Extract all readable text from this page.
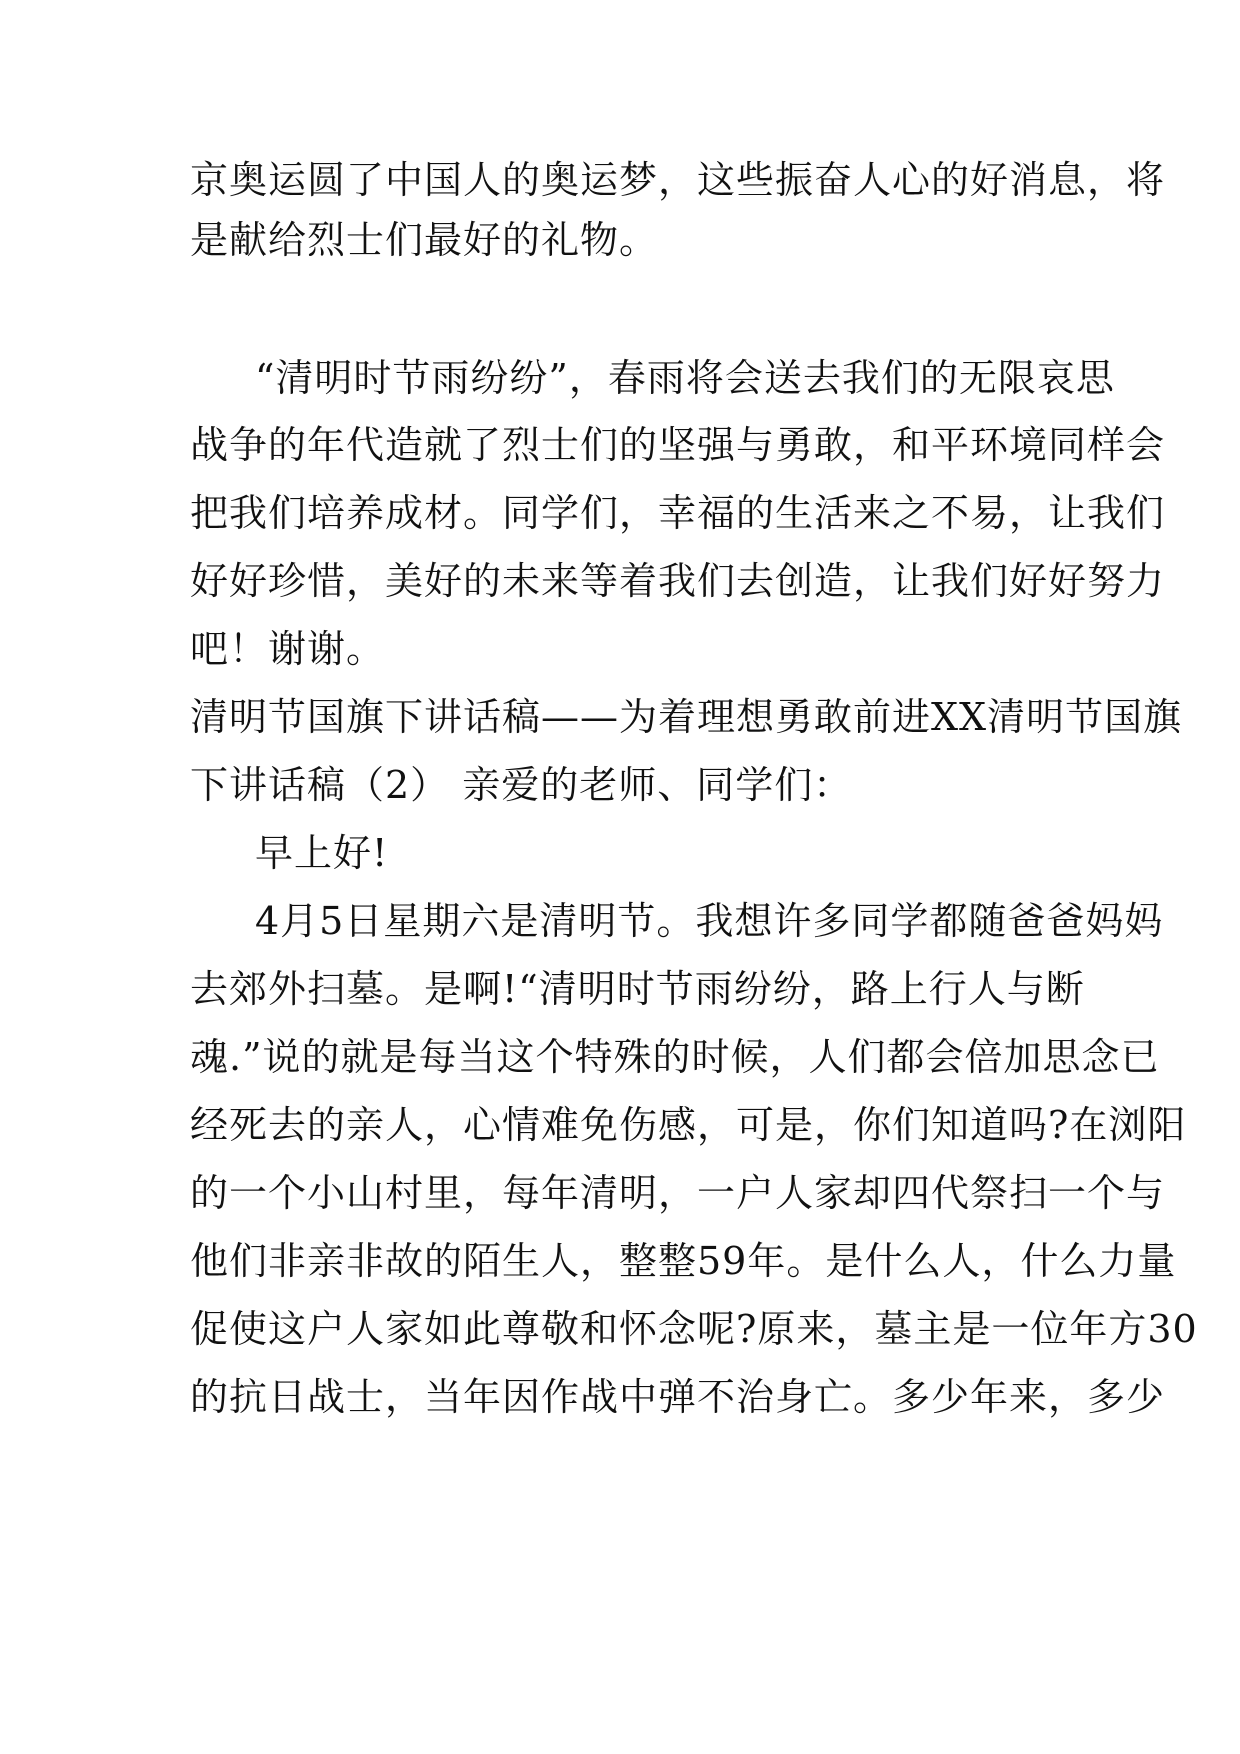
京奥运圆了中国人的奥运梦，这些振奋人心的好消息，将
是献给烈士们最好的礼物。
“清明时节雨纷纷”，春雨将会送去我们的无限哀思
战争的年代造就了烈士们的坚强与勇敢，和平环境同样会
把我们培养成材。同学们，幸福的生活来之不易，让我们
好好珍惜，美好的未来等着我们去创造，让我们好好努力
吧！谢谢。
清明节国旗下讲话稿——为着理想勇敢前进XX清明节国旗
下讲话稿（2） 亲爱的老师、同学们：
早上好!
4月5日星期六是清明节。我想许多同学都随爸爸妈妈
去郊外扫墓。是啊!“清明时节雨纷纷，路上行人与断
魂.”说的就是每当这个特殊的时候，人们都会倍加思念已
经死去的亲人，心情难免伤感，可是，你们知道吗?在浏阳
的一个小山村里，每年清明，一户人家却四代祭扫一个与
他们非亲非故的陌生人，整整59年。是什么人，什么力量
促使这户人家如此尊敬和怀念呢?原来，墓主是一位年方30
的抗日战士，当年因作战中弹不治身亡。多少年来，多少
